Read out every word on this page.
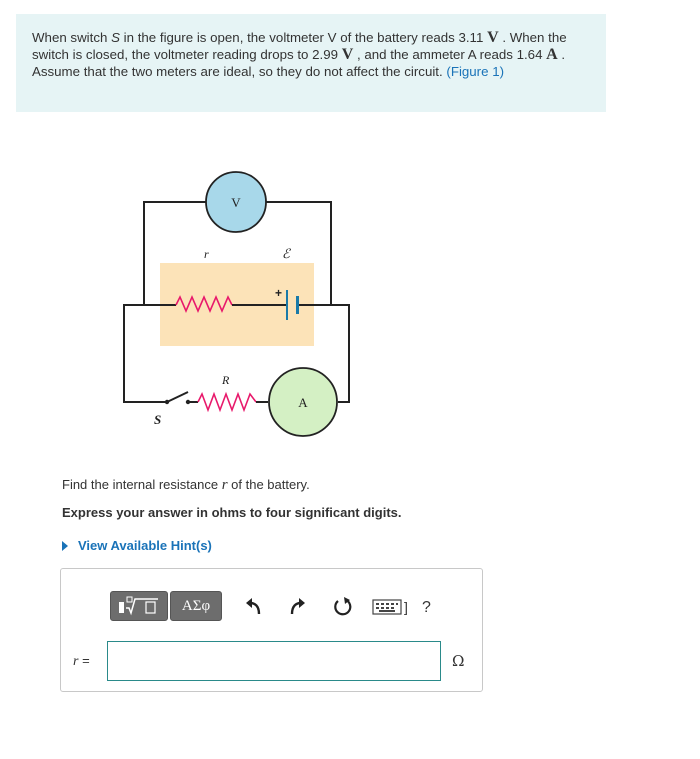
When switch S in the figure is open, the voltmeter V of the battery reads 3.11 V . When the switch is closed, the voltmeter reading drops to 2.99 V , and the ammeter A reads 1.64 A . Assume that the two meters are ideal, so they do not affect the circuit. (Figure 1)
+
r	ℰ
V
S
R
A
Find the internal resistance r of the battery.
Express your answer in ohms to four significant digits.
View Available Hint(s)
ΑΣφ	] ?
r =	Ω
